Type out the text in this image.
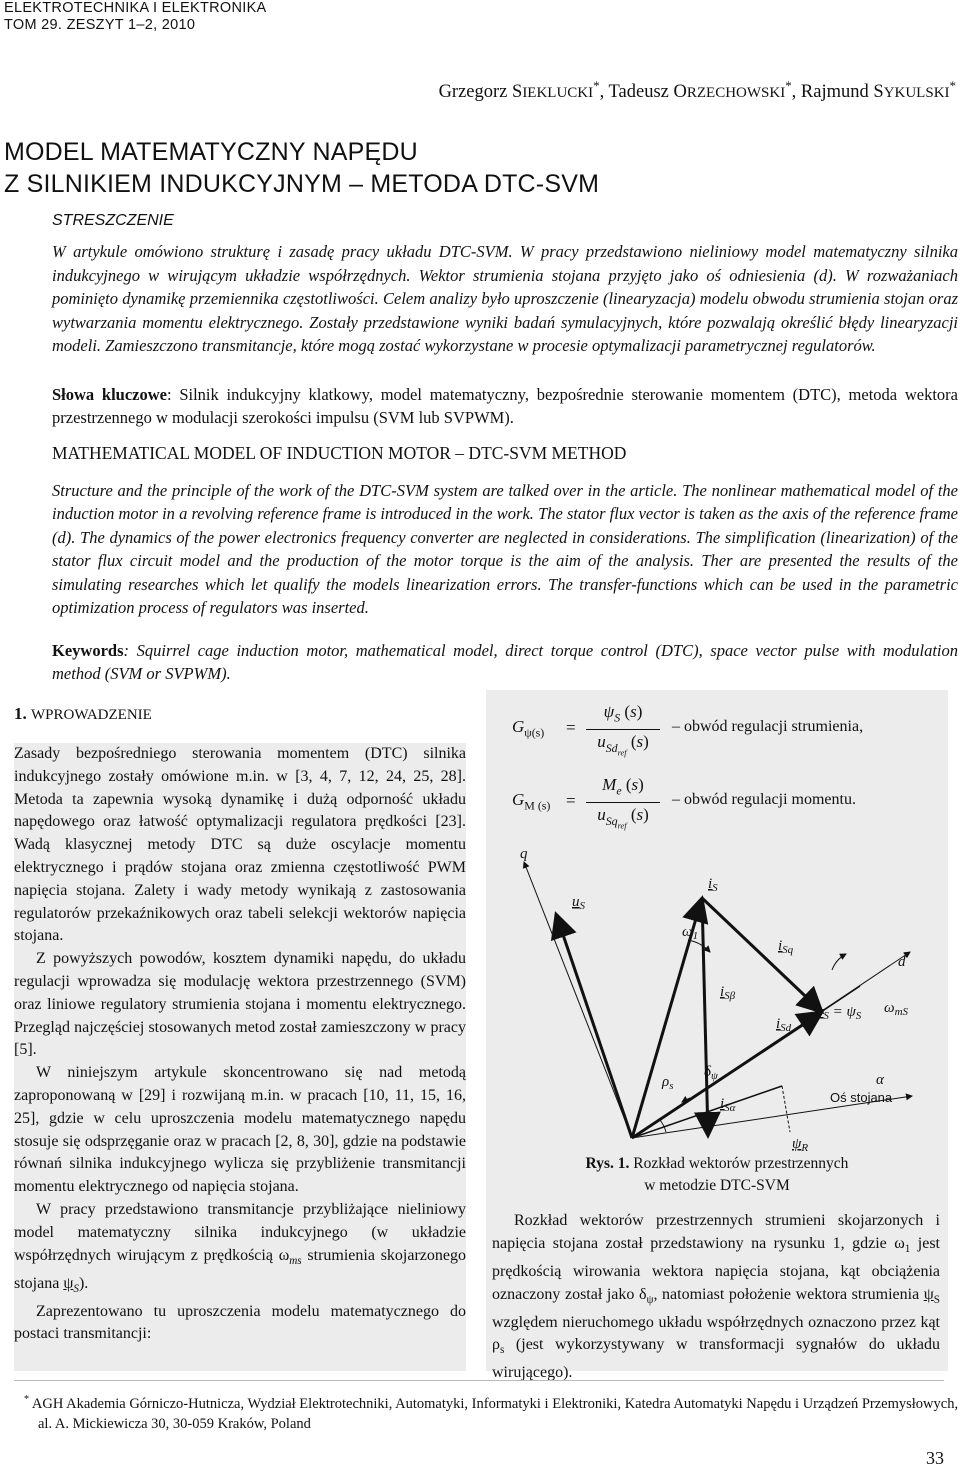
ELEKTROTECHNIKA I ELEKTRONIKA
TOM 29. ZESZYT 1–2, 2010
Grzegorz SIEKLUCKI*, Tadeusz ORZECHOWSKI*, Rajmund SYKULSKI*
MODEL MATEMATYCZNY NAPĘDU
Z SILNIKIEM INDUKCYJNYM – METODA DTC-SVM
STRESZCZENIE
W artykule omówiono strukturę i zasadę pracy układu DTC-SVM. W pracy przedstawiono nieliniowy model matematyczny silnika indukcyjnego w wirującym układzie współrzędnych. Wektor strumienia stojana przyjęto jako oś odniesienia (d). W rozważaniach pominięto dynamikę przemiennika częstotliwości. Celem analizy było uproszczenie (linearyzacja) modelu obwodu strumienia stojan oraz wytwarzania momentu elektrycznego. Zostały przedstawione wyniki badań symulacyjnych, które pozwalają określić błędy linearyzacji modeli. Zamieszczono transmitancje, które mogą zostać wykorzystane w procesie optymalizacji parametrycznej regulatorów.
Słowa kluczowe: Silnik indukcyjny klatkowy, model matematyczny, bezpośrednie sterowanie momentem (DTC), metoda wektora przestrzennego w modulacji szerokości impulsu (SVM lub SVPWM).
MATHEMATICAL MODEL OF INDUCTION MOTOR – DTC-SVM METHOD
Structure and the principle of the work of the DTC-SVM system are talked over in the article. The nonlinear mathematical model of the induction motor in a revolving reference frame is introduced in the work. The stator flux vector is taken as the axis of the reference frame (d). The dynamics of the power electronics frequency converter are neglected in considerations. The simplification (linearization) of the stator flux circuit model and the production of the motor torque is the aim of the analysis. Ther are presented the results of the simulating researches which let qualify the models linearization errors. The transfer-functions which can be used in the parametric optimization process of regulators was inserted.
Keywords: Squirrel cage induction motor, mathematical model, direct torque control (DTC), space vector pulse with modulation method (SVM or SVPWM).
1. WPROWADZENIE

Zasady bezpośredniego sterowania momentem (DTC) silnika indukcyjnego zostały omówione m.in. w [3, 4, 7, 12, 24, 25, 28]. Metoda ta zapewnia wysoką dynamikę i dużą odporność układu napędowego oraz łatwość optymalizacji regulatora prędkości [23]. Wadą klasycznej metody DTC są duże oscylacje momentu elektrycznego i prądów stojana oraz zmienna częstotliwość PWM napięcia stojana. Zalety i wady metody wynikają z zastosowania regulatorów przekaźnikowych oraz tabeli selekcji wektorów napięcia stojana.

Z powyższych powodów, kosztem dynamiki napędu, do układu regulacji wprowadza się modulację wektora przestrzennego (SVM) oraz liniowe regulatory strumienia stojana i momentu elektrycznego. Przegląd najczęściej stosowanych metod został zamieszczony w pracy [5].

W niniejszym artykule skoncentrowano się nad metodą zaproponowaną w [29] i rozwijaną m.in. w pracach [10, 11, 15, 16, 25], gdzie w celu uproszczenia modelu matematycznego napędu stosuje się odsprzęganie oraz w pracach [2, 8, 30], gdzie na podstawie równań silnika indukcyjnego wylicza się przybliżenie transmitancji momentu elektrycznego od napięcia stojana.

W pracy przedstawiono transmitancje przybliżające nieliniowy model matematyczny silnika indukcyjnego (w układzie współrzędnych wirującym z prędkością $\omega_{ms}$ strumienia skojarzonego stojana $\psi_S$).

Zaprezentowano tu uproszczenia modelu matematycznego do postaci transmitancji:

$G_{\psi(s)}$ =
$\psi_S$ (s)
$u_{Sd_{ref}}$ (s)
– obwód regulacji strumienia,
$G_{M (s)}$ =
$M_e$ (s)
$u_{Sq_{ref}}$ (s)
– obwód regulacji momentu.
q
$u_S$
$i_S$
$\omega_1$
$i_{Sq}$
d
$i_{S\beta}$
$i_{Sd}$
$\psi_S = \psi_S$ $\omega_{mS}$
$\rho_s$
$\delta_\psi$	α
$i_{S\alpha}$
$\psi_R$
Oś stojana
Rys. 1. Rozkład wektorów przestrzennych
w metodzie DTC-SVM
Rozkład wektorów przestrzennych strumieni skojarzonych i napięcia stojana został przedstawiony na rysunku 1, gdzie $\omega_1$ jest prędkością wirowania wektora napięcia stojana, kąt obciążenia oznaczony został jako $\delta_\psi$, natomiast położenie wektora strumienia $\psi_S$ względem nieruchomego układu współrzędnych oznaczono przez kąt $\rho_s$ (jest wykorzystywany w transformacji sygnałów do układu wirującego).
* AGH Akademia Górniczo-Hutnicza, Wydział Elektrotechniki, Automatyki, Informatyki i Elektroniki, Katedra Automatyki Napędu i Urządzeń Przemysłowych, al. A. Mickiewicza 30, 30-059 Kraków, Poland
33
